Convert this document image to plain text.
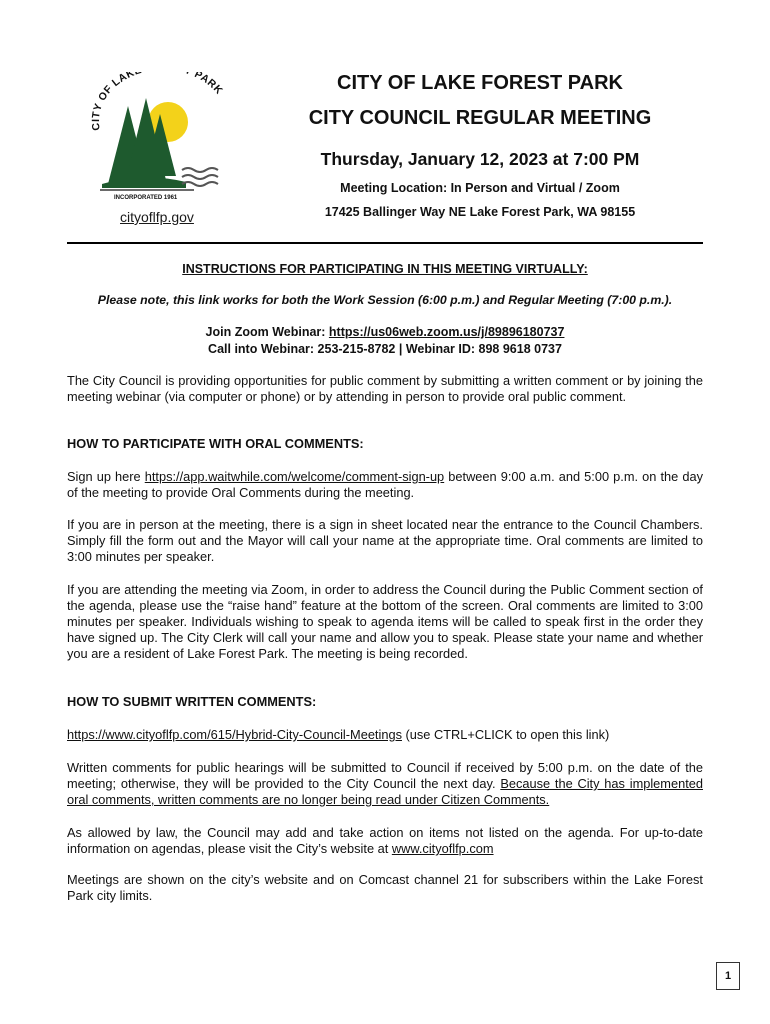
CITY OF LAK PARK
INCORPORATED 1961
cityoflfp.gov
CITY OF LAKE FOREST PARK
CITY COUNCIL REGULAR MEETING
Thursday, January 12, 2023 at 7:00 PM
Meeting Location: In Person and Virtual / Zoom
17425 Ballinger Way NE Lake Forest Park, WA 98155
INSTRUCTIONS FOR PARTICIPATING IN THIS MEETING VIRTUALLY:
Please note, this link works for both the Work Session (6:00 p.m.) and Regular Meeting (7:00 p.m.).
Join Zoom Webinar: https://us06web.zoom.us/j/89896180737
Call into Webinar: 253-215-8782 | Webinar ID: 898 9618 0737
The City Council is providing opportunities for public comment by submitting a written comment or by joining the meeting webinar (via computer or phone) or by attending in person to provide oral public comment.
HOW TO PARTICIPATE WITH ORAL COMMENTS:
Sign up here https://app.waitwhile.com/welcome/comment-sign-up between 9:00 a.m. and 5:00 p.m. on the day of the meeting to provide Oral Comments during the meeting.
If you are in person at the meeting, there is a sign in sheet located near the entrance to the Council Chambers. Simply fill the form out and the Mayor will call your name at the appropriate time. Oral comments are limited to 3:00 minutes per speaker.
If you are attending the meeting via Zoom, in order to address the Council during the Public Comment section of the agenda, please use the “raise hand” feature at the bottom of the screen. Oral comments are limited to 3:00 minutes per speaker. Individuals wishing to speak to agenda items will be called to speak first in the order they have signed up. The City Clerk will call your name and allow you to speak. Please state your name and whether you are a resident of Lake Forest Park. The meeting is being recorded.
HOW TO SUBMIT WRITTEN COMMENTS:
https://www.cityoflfp.com/615/Hybrid-City-Council-Meetings (use CTRL+CLICK to open this link)
Written comments for public hearings will be submitted to Council if received by 5:00 p.m. on the date of the meeting; otherwise, they will be provided to the City Council the next day. Because the City has implemented oral comments, written comments are no longer being read under Citizen Comments.
As allowed by law, the Council may add and take action on items not listed on the agenda. For up-to-date information on agendas, please visit the City’s website at www.cityoflfp.com
Meetings are shown on the city’s website and on Comcast channel 21 for subscribers within the Lake Forest Park city limits.
1
